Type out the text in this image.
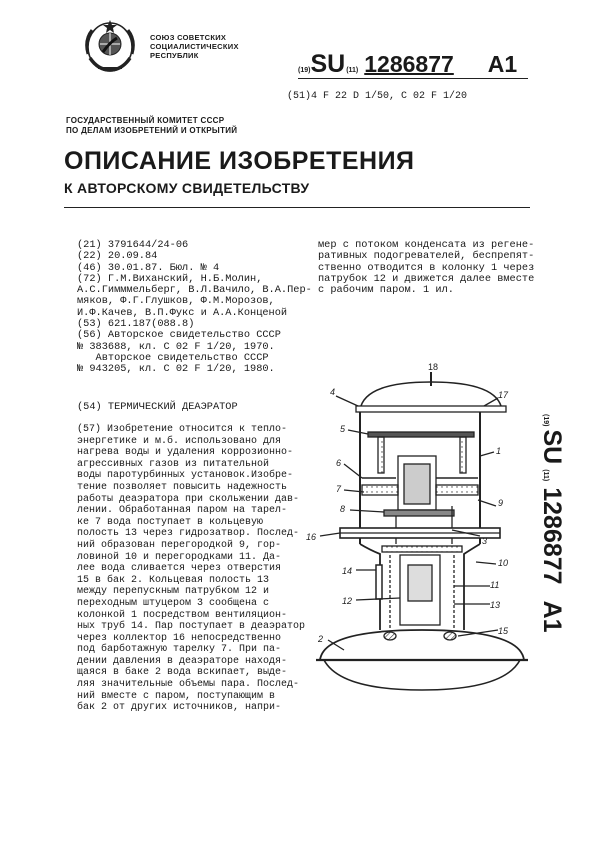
СОЮЗ СОВЕТСКИХ
СОЦИАЛИСТИЧЕСКИХ
РЕСПУБЛИК
(19)SU(11) 1286877 A1
(51)4 F 22 D 1/50, C 02 F 1/20
ГОСУДАРСТВЕННЫЙ КОМИТЕТ СССР
ПО ДЕЛАМ ИЗОБРЕТЕНИЙ И ОТКРЫТИЙ
ОПИСАНИЕ ИЗОБРЕТЕНИЯ
К АВТОРСКОМУ СВИДЕТЕЛЬСТВУ
(21) 3791644/24-06
(22) 20.09.84
(46) 30.01.87. Бюл. № 4
(72) Г.М.Виханский, Н.Б.Молин,
А.С.Гимммельберг, В.Л.Вачило, В.А.Пер-
мяков, Ф.Г.Глушков, Ф.М.Морозов,
И.Ф.Качев, В.П.Фукс и А.А.Конценой
(53) 621.187(088.8)
(56) Авторское свидетельство СССР
№ 383688, кл. C 02 F 1/20, 1970.
Авторское свидетельство СССР
№ 943205, кл. C 02 F 1/20, 1980.
(54) ТЕРМИЧЕСКИЙ ДЕАЭРАТОР
(57) Изобретение относится к тепло-
энергетике и м.б. использовано для
нагрева воды и удаления коррозионно-
агрессивных газов из питательной
воды паротурбинных установок.Изобре-
тение позволяет повысить надежность
работы деаэратора при скольжении дав-
лении. Обработанная паром на тарел-
ке 7 вода поступает в кольцевую
полость 13 через гидрозатвор. Послед-
ний образован перегородкой 9, гор-
ловиной 10 и перегородками 11. Да-
лее вода сливается через отверстия
15 в бак 2. Кольцевая полость 13
между перепускным патрубком 12 и
переходным штуцером 3 сообщена с
колонкой 1 посредством вентиляцион-
ных труб 14. Пар поступает в деаэратор
через коллектор 16 непосредственно
под барботажную тарелку 7. При па-
дении давления в деаэраторе находя-
щаяся в баке 2 вода вскипает, выде-
ляя значительные объемы пара. Послед-
ний вместе с паром, поступающим в
бак 2 от других источников, напри-
мер с потоком конденсата из регене-
ративных подогревателей, беспрепят-
ственно отводится в колонку 1 через
патрубок 12 и движется далее вместе
с рабочим паром. 1 ил.
18
4	17
5
1
6
7
8
9
3
16
10
14
12
11
13
15
2
(19)SU(11)1286877A1
